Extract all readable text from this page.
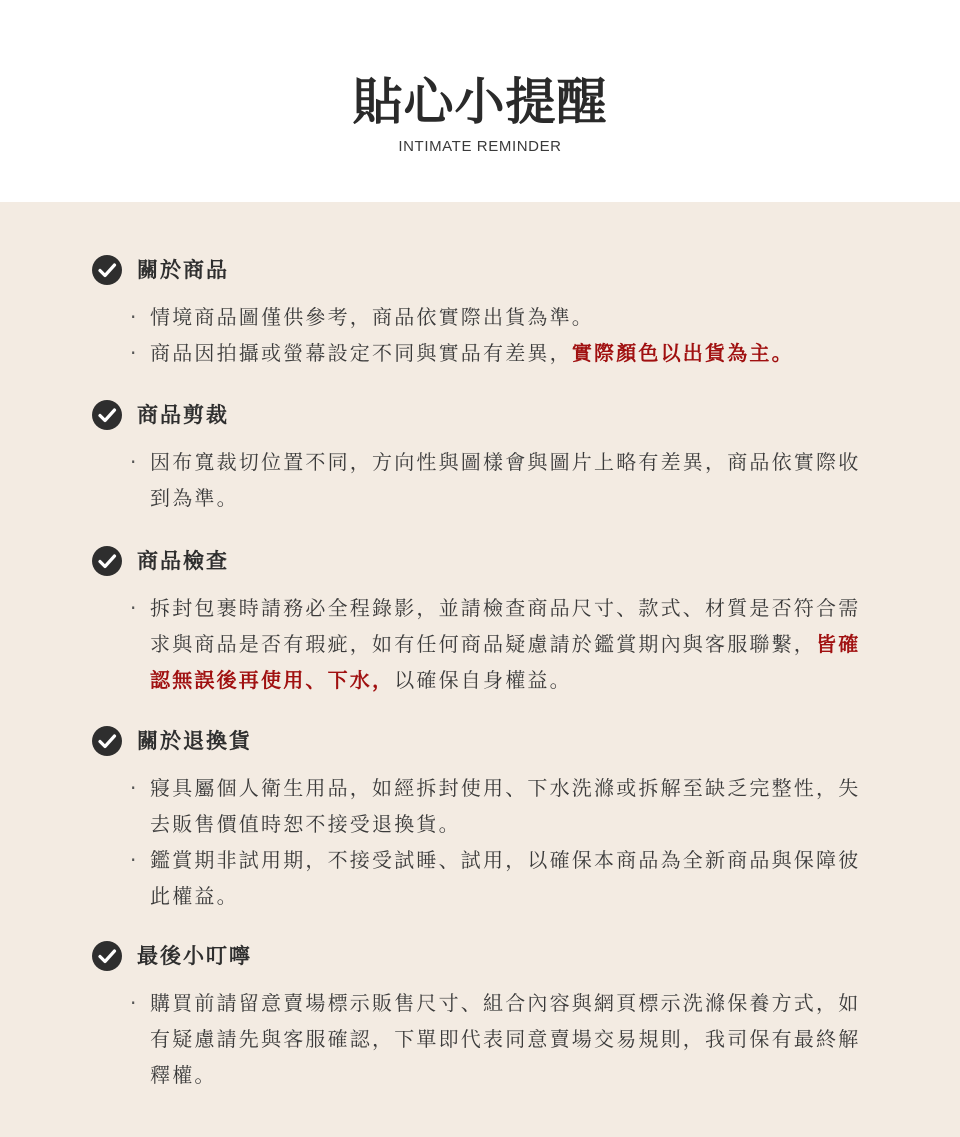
貼心小提醒
INTIMATE REMINDER
關於商品
· 情境商品圖僅供參考，商品依實際出貨為準。
· 商品因拍攝或螢幕設定不同與實品有差異，實際顏色以出貨為主。
商品剪裁
· 因布寬裁切位置不同，方向性與圖樣會與圖片上略有差異，商品依實際收到為準。
商品檢查
· 拆封包裹時請務必全程錄影，並請檢查商品尺寸、款式、材質是否符合需求與商品是否有瑕疵，如有任何商品疑慮請於鑑賞期內與客服聯繫，皆確認無誤後再使用、下水，以確保自身權益。
關於退換貨
· 寢具屬個人衛生用品，如經拆封使用、下水洗滌或拆解至缺乏完整性，失去販售價值時恕不接受退換貨。
· 鑑賞期非試用期，不接受試睡、試用，以確保本商品為全新商品與保障彼此權益。
最後小叮嚀
· 購買前請留意賣場標示販售尺寸、組合內容與網頁標示洗滌保養方式，如有疑慮請先與客服確認，下單即代表同意賣場交易規則，我司保有最終解釋權。
